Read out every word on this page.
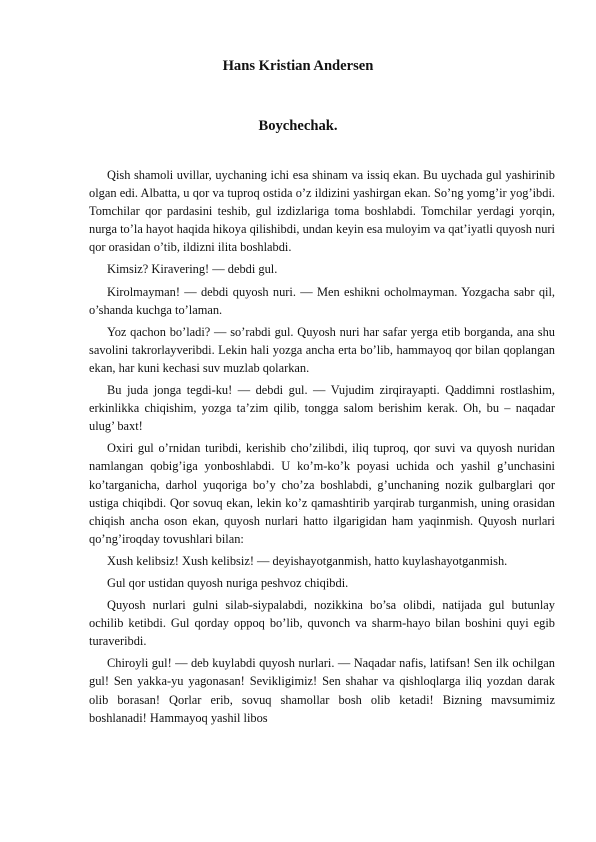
Hans Kristian Andersen
Boychechak.

Qish shamoli uvillar, uychaning ichi esa shinam va issiq ekan. Bu uychada gul yashirinib olgan edi. Albatta, u qor va tuproq ostida o’z ildizini yashirgan ekan. So’ng yomg’ir yog’ibdi. Tomchilar qor pardasini teshib, gul izdizlariga toma boshlabdi. Tomchilar yerdagi yorqin, nurga to’la hayot haqida hikoya qilishibdi, undan keyin esa muloyim va qat’iyatli quyosh nuri qor orasidan o’tib, ildizni ilita boshlabdi.

Kimsiz? Kiravering! — debdi gul.

Kirolmayman! — debdi quyosh nuri. — Men eshikni ocholmayman. Yozgacha sabr qil, o’shanda kuchga to’laman.

Yoz qachon bo’ladi? — so’rabdi gul. Quyosh nuri har safar yerga etib borganda, ana shu savolini takrorlayveribdi. Lekin hali yozga ancha erta bo’lib, hammayoq qor bilan qoplangan ekan, har kuni kechasi suv muzlab qolarkan.

Bu juda jonga tegdi-ku! — debdi gul. — Vujudim zirqirayapti. Qaddimni rostlashim, erkinlikka chiqishim, yozga ta’zim qilib, tongga salom berishim kerak. Oh, bu – naqadar ulug’ baxt!

Oxiri gul o’rnidan turibdi, kerishib cho’zilibdi, iliq tuproq, qor suvi va quyosh nuridan namlangan qobig’iga yonboshlabdi. U ko’m-ko’k poyasi uchida och yashil g’unchasini ko’targanicha, darhol yuqoriga bo’y cho’za boshlabdi, g’unchaning nozik gulbarglari qor ustiga chiqibdi. Qor sovuq ekan, lekin ko’z qamashtirib yarqirab turganmish, uning orasidan chiqish ancha oson ekan, quyosh nurlari hatto ilgarigidan ham yaqinmish. Quyosh nurlari qo’ng’iroqday tovushlari bilan:

Xush kelibsiz! Xush kelibsiz! — deyishayotganmish, hatto kuylashayotganmish.

Gul qor ustidan quyosh nuriga peshvoz chiqibdi.

Quyosh nurlari gulni silab-siypalabdi, nozikkina bo’sa olibdi, natijada gul butunlay ochilib ketibdi. Gul qorday oppoq bo’lib, quvonch va sharm-hayo bilan boshini quyi egib turaveribdi.

Chiroyli gul! — deb kuylabdi quyosh nurlari. — Naqadar nafis, latifsan! Sen ilk ochilgan gul! Sen yakka-yu yagonasan! Sevikligimiz! Sen shahar va qishloqlarga iliq yozdan darak olib borasan! Qorlar erib, sovuq shamollar bosh olib ketadi! Bizning mavsumimiz boshlanadi! Hammayoq yashil libos
